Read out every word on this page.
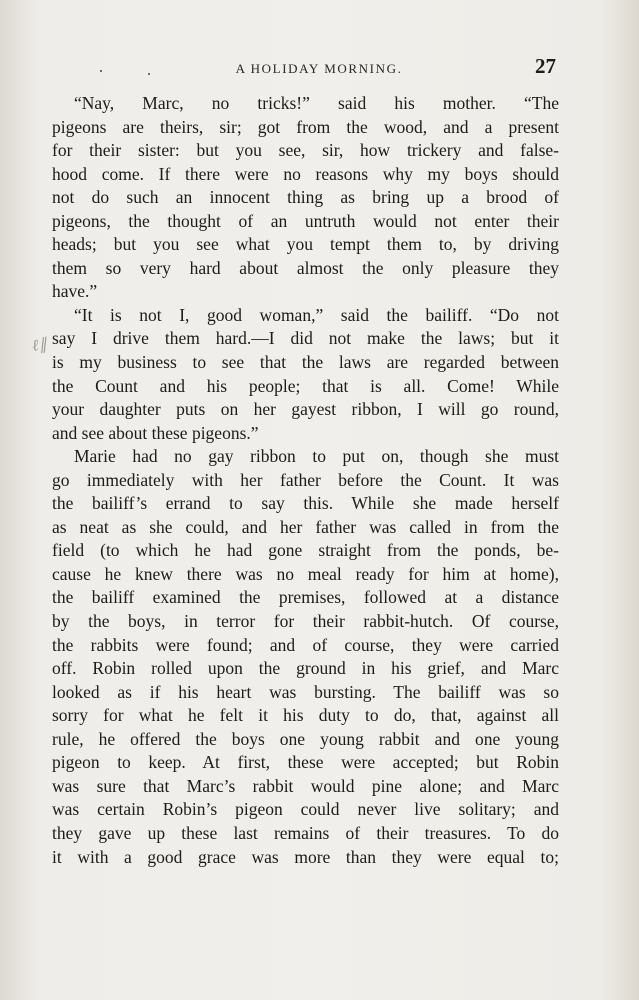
A HOLIDAY MORNING.	27
ℓ∥

“Nay, Marc, no tricks!” said his mother. “The
pigeons are theirs, sir; got from the wood, and a present
for their sister: but you see, sir, how trickery and false-
hood come. If there were no reasons why my boys should
not do such an innocent thing as bring up a brood of
pigeons, the thought of an untruth would not enter their
heads; but you see what you tempt them to, by driving
them so very hard about almost the only pleasure they
have.”

“It is not I, good woman,” said the bailiff. “Do not
say I drive them hard.—I did not make the laws; but it
is my business to see that the laws are regarded between
the Count and his people; that is all. Come! While
your daughter puts on her gayest ribbon, I will go round,
and see about these pigeons.”

Marie had no gay ribbon to put on, though she must
go immediately with her father before the Count. It was
the bailiff’s errand to say this. While she made herself
as neat as she could, and her father was called in from the
field (to which he had gone straight from the ponds, be-
cause he knew there was no meal ready for him at home),
the bailiff examined the premises, followed at a distance
by the boys, in terror for their rabbit-hutch. Of course,
the rabbits were found; and of course, they were carried
off. Robin rolled upon the ground in his grief, and Marc
looked as if his heart was bursting. The bailiff was so
sorry for what he felt it his duty to do, that, against all
rule, he offered the boys one young rabbit and one young
pigeon to keep. At first, these were accepted; but Robin
was sure that Marc’s rabbit would pine alone; and Marc
was certain Robin’s pigeon could never live solitary; and
they gave up these last remains of their treasures. To do
it with a good grace was more than they were equal to;
